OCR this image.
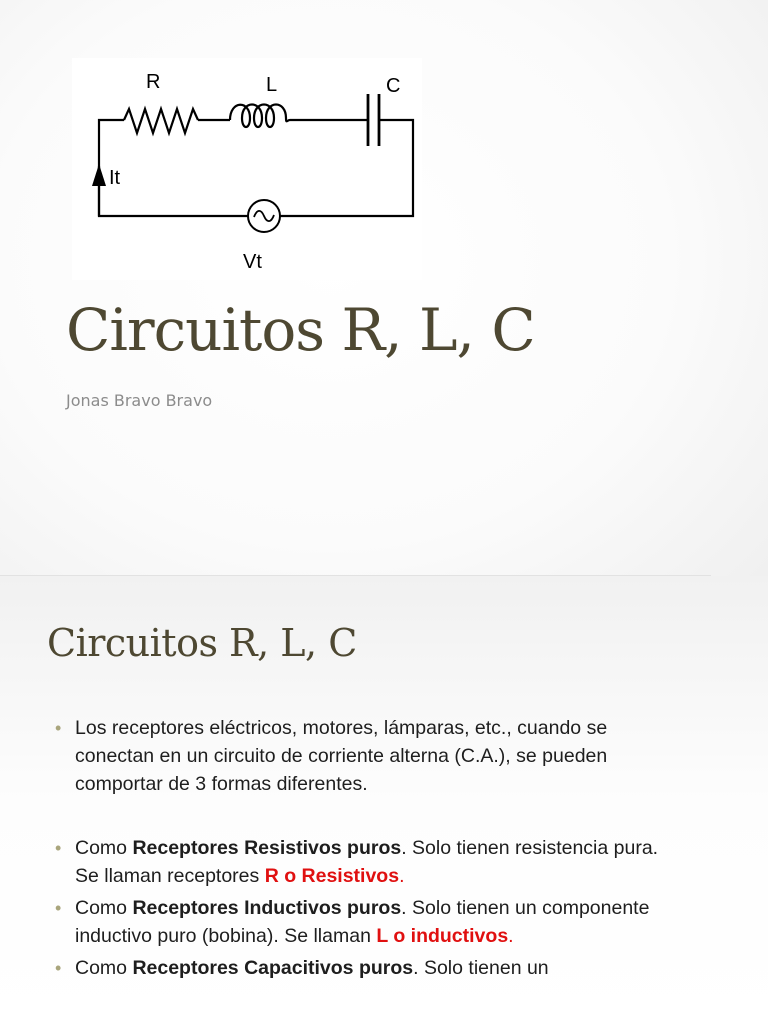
R	L	C
It
Vt
Circuitos R, L, C
Jonas Bravo Bravo
Circuitos R, L, C
• Los receptores eléctricos, motores, lámparas, etc., cuando se conectan en un circuito de corriente alterna (C.A.), se pueden comportar de 3 formas diferentes.
• Como Receptores Resistivos puros. Solo tienen resistencia pura. Se llaman receptores R o Resistivos.
• Como Receptores Inductivos puros. Solo tienen un componente inductivo puro (bobina). Se llaman L o inductivos.
• Como Receptores Capacitivos puros. Solo tienen un
